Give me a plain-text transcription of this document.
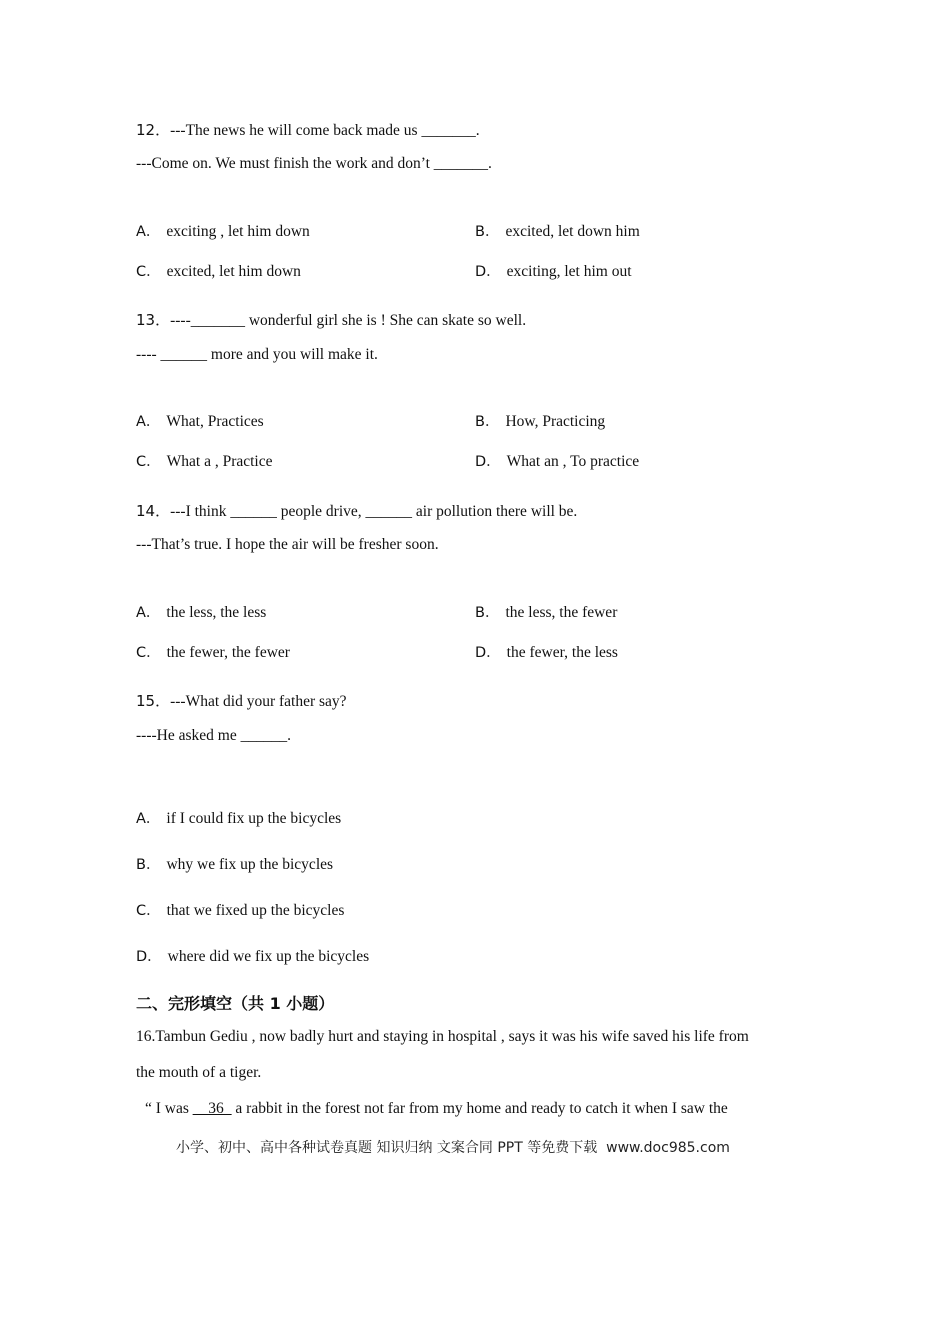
12．---The news he will come back made us _______.
---Come on. We must finish the work and don’t _______.
A． exciting , let him down	B． excited, let down him
C． excited, let him down	D． exciting, let him out
13．----_______ wonderful girl she is ! She can skate so well.
---- ______ more and you will make it.
A． What, Practices	B． How, Practicing
C． What a , Practice	D． What an , To practice
14．---I think ______ people drive, ______ air pollution there will be.
---That’s true. I hope the air will be fresher soon.
A． the less, the less	B． the less, the fewer
C． the fewer, the fewer	D． the fewer, the less
15．---What did your father say?
----He asked me ______.
A． if I could fix up the bicycles
B． why we fix up the bicycles
C． that we fixed up the bicycles
D． where did we fix up the bicycles
二、完形填空（共 1 小题）
16.Tambun Gediu , now badly hurt and staying in hospital , says it was his wife saved his life from
the mouth of a tiger.
“ I was __36_ a rabbit in the forest not far from my home and ready to catch it when I saw the
小学、初中、高中各种试卷真题 知识归纳 文案合同 PPT 等免费下载 www.doc985.com
